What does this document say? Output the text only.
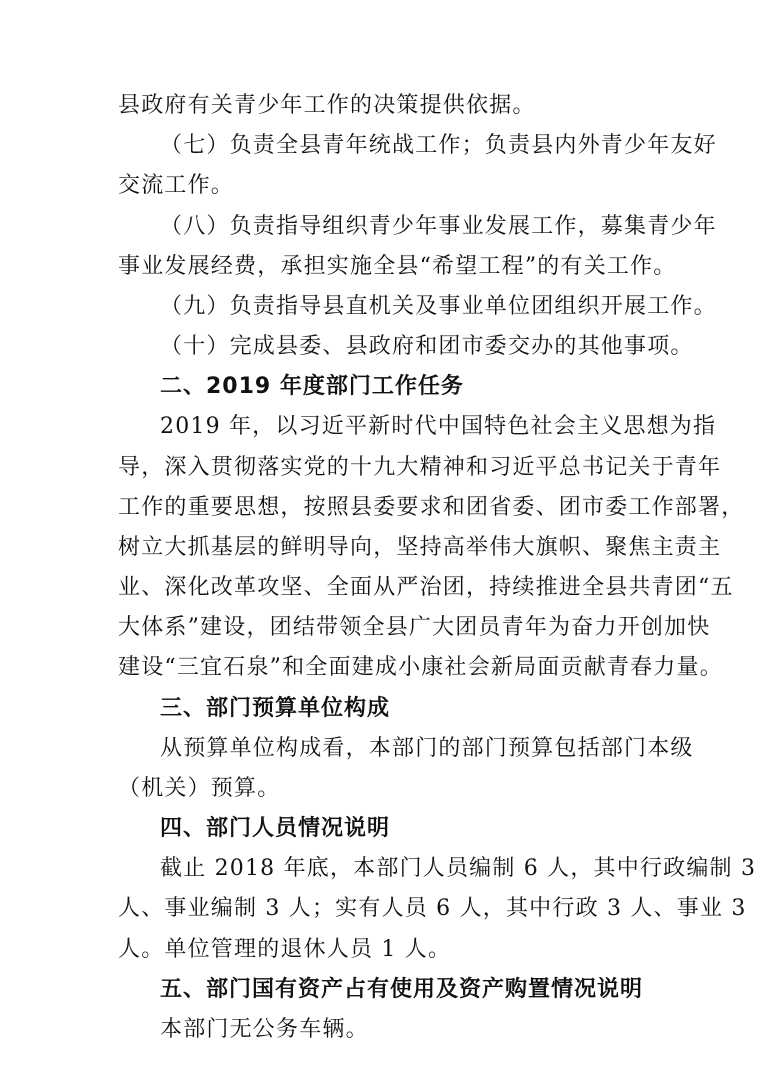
县政府有关青少年工作的决策提供依据。
（七）负责全县青年统战工作；负责县内外青少年友好
交流工作。
（八）负责指导组织青少年事业发展工作，募集青少年
事业发展经费，承担实施全县“希望工程”的有关工作。
（九）负责指导县直机关及事业单位团组织开展工作。
（十）完成县委、县政府和团市委交办的其他事项。
二、2019 年度部门工作任务
2019 年，以习近平新时代中国特色社会主义思想为指
导，深入贯彻落实党的十九大精神和习近平总书记关于青年
工作的重要思想，按照县委要求和团省委、团市委工作部署，
树立大抓基层的鲜明导向，坚持高举伟大旗帜、聚焦主责主
业、深化改革攻坚、全面从严治团，持续推进全县共青团“五
大体系”建设，团结带领全县广大团员青年为奋力开创加快
建设“三宜石泉”和全面建成小康社会新局面贡献青春力量。
三、部门预算单位构成
从预算单位构成看，本部门的部门预算包括部门本级
（机关）预算。
四、部门人员情况说明
截止 2018 年底，本部门人员编制 6 人，其中行政编制 3
人、事业编制 3 人；实有人员 6 人，其中行政 3 人、事业 3
人。单位管理的退休人员 1 人。
五、部门国有资产占有使用及资产购置情况说明
本部门无公务车辆。
